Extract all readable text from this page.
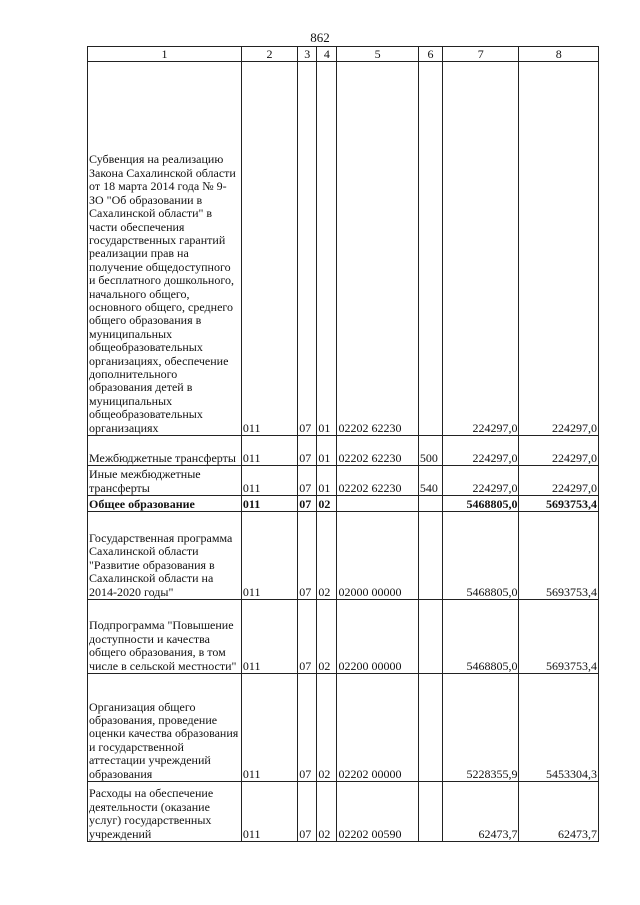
862
1	2	3	4	5	6	7	8
Субвенция на реализацию Закона Сахалинской области от 18 марта 2014 года № 9-ЗО "Об образовании в Сахалинской области" в части обеспечения государственных гарантий реализации прав на получение общедоступного и бесплатного дошкольного, начального общего, основного общего, среднего общего образования в муниципальных общеобразовательных организациях, обеспечение дополнительного образования детей в муниципальных общеобразовательных организациях	011	07	01	02202 62230		224297,0	224297,0
Межбюджетные трансферты	011	07	01	02202 62230	500	224297,0	224297,0
Иные межбюджетные трансферты	011	07	01	02202 62230	540	224297,0	224297,0
Общее образование	011	07	02			5468805,0	5693753,4
Государственная программа Сахалинской области "Развитие образования в Сахалинской области на 2014-2020 годы"	011	07	02	02000 00000		5468805,0	5693753,4
Подпрограмма "Повышение доступности и качества общего образования, в том числе в сельской местности"	011	07	02	02200 00000		5468805,0	5693753,4
Организация общего образования, проведение оценки качества образования и государственной аттестации учреждений образования	011	07	02	02202 00000		5228355,9	5453304,3
Расходы на обеспечение деятельности (оказание услуг) государственных учреждений	011	07	02	02202 00590		62473,7	62473,7
